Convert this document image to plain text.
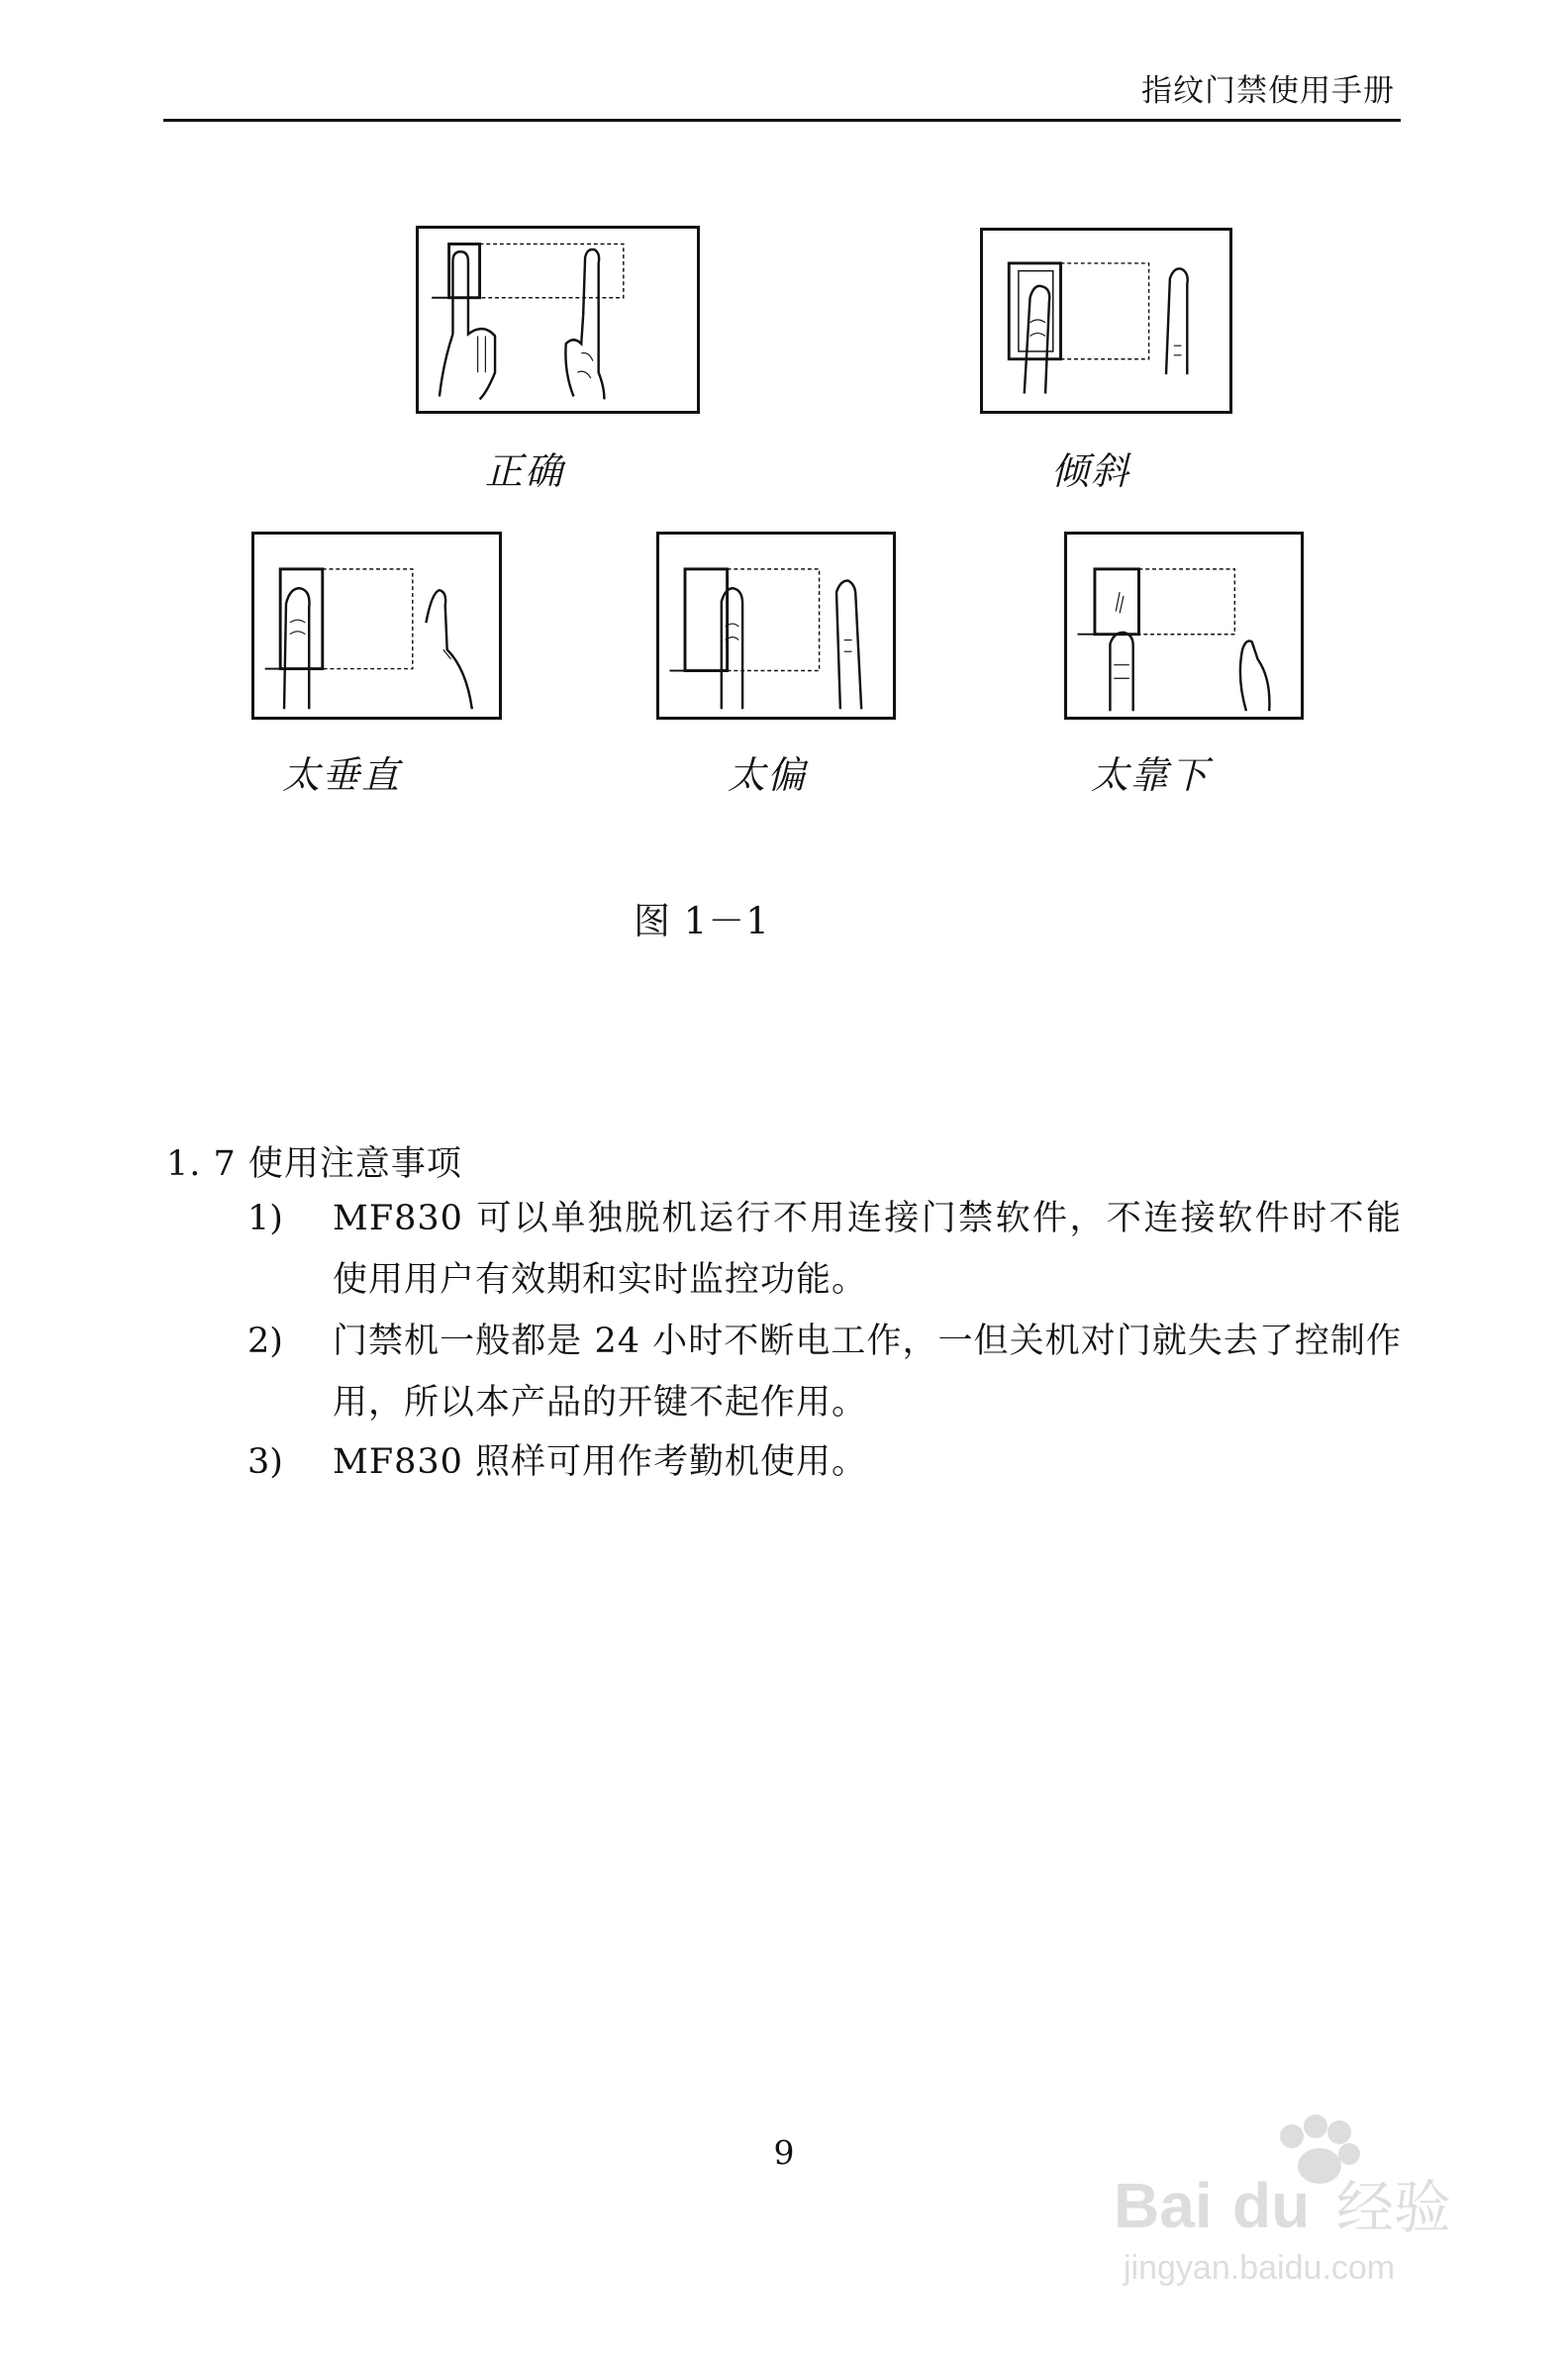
指纹门禁使用手册
正确	倾斜
太垂直	太偏	太靠下
图 1－1
1. 7 使用注意事项
1) MF830 可以单独脱机运行不用连接门禁软件，不连接软件时不能使用用户有效期和实时监控功能。
2) 门禁机一般都是 24 小时不断电工作，一但关机对门就失去了控制作用，所以本产品的开键不起作用。
3) MF830 照样可用作考勤机使用。
9
Bai du 经验
jingyan.baidu.com
